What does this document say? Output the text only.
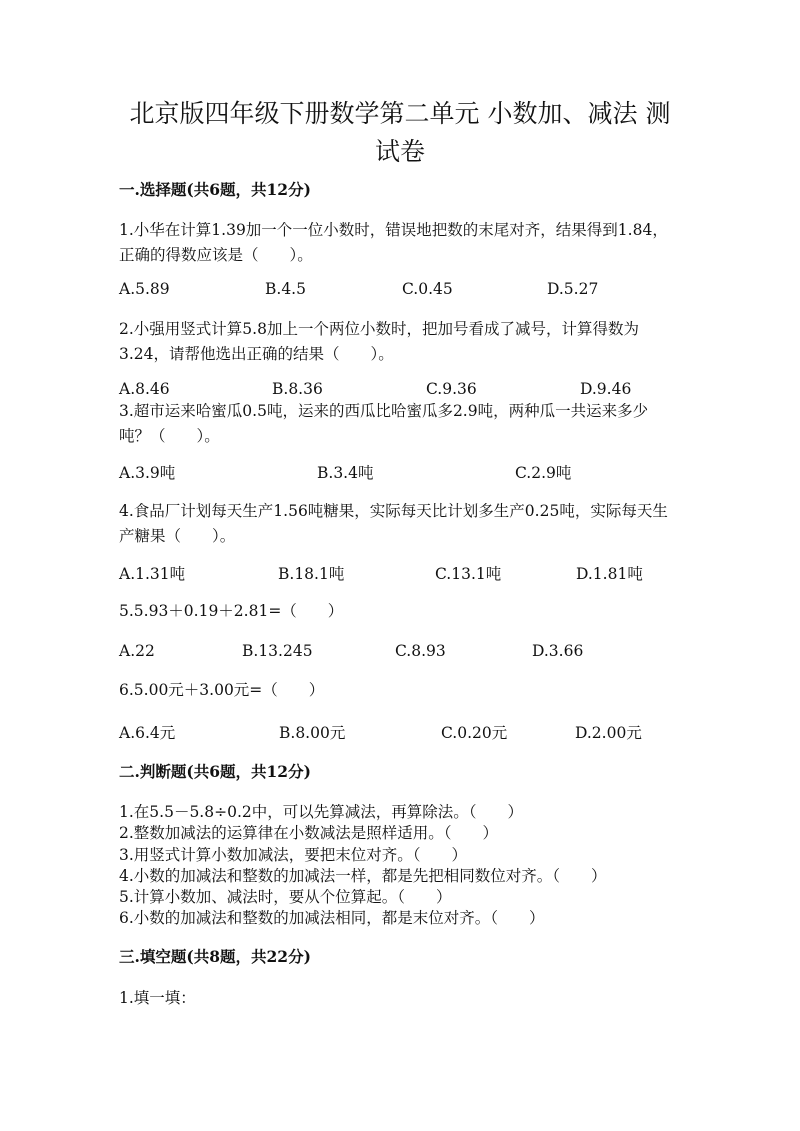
北京版四年级下册数学第二单元 小数加、减法 测
试卷
一.选择题(共6题，共12分)
1.小华在计算1.39加一个一位小数时，错误地把数的末尾对齐，结果得到1.84，正确的得数应该是（　　）。
A.5.89	B.4.5	C.0.45	D.5.27
2.小强用竖式计算5.8加上一个两位小数时，把加号看成了减号，计算得数为3.24，请帮他选出正确的结果（　　）。
A.8.46	B.8.36	C.9.36	D.9.46
3.超市运来哈蜜瓜0.5吨，运来的西瓜比哈蜜瓜多2.9吨，两种瓜一共运来多少吨？（　　）。
A.3.9吨	B.3.4吨	C.2.9吨
4.食品厂计划每天生产1.56吨糖果，实际每天比计划多生产0.25吨，实际每天生产糖果（　　）。
A.1.31吨	B.18.1吨	C.13.1吨	D.1.81吨
5.5.93＋0.19＋2.81=（　　）
A.22	B.13.245	C.8.93	D.3.66
6.5.00元＋3.00元=（　　）
A.6.4元	B.8.00元	C.0.20元	D.2.00元
二.判断题(共6题，共12分)
1.在5.5－5.8÷0.2中，可以先算减法，再算除法。（　　）
2.整数加减法的运算律在小数减法是照样适用。（　　）
3.用竖式计算小数加减法，要把末位对齐。（　　）
4.小数的加减法和整数的加减法一样，都是先把相同数位对齐。（　　）
5.计算小数加、减法时，要从个位算起。（　　）
6.小数的加减法和整数的加减法相同，都是末位对齐。（　　）
三.填空题(共8题，共22分)
1.填一填：
